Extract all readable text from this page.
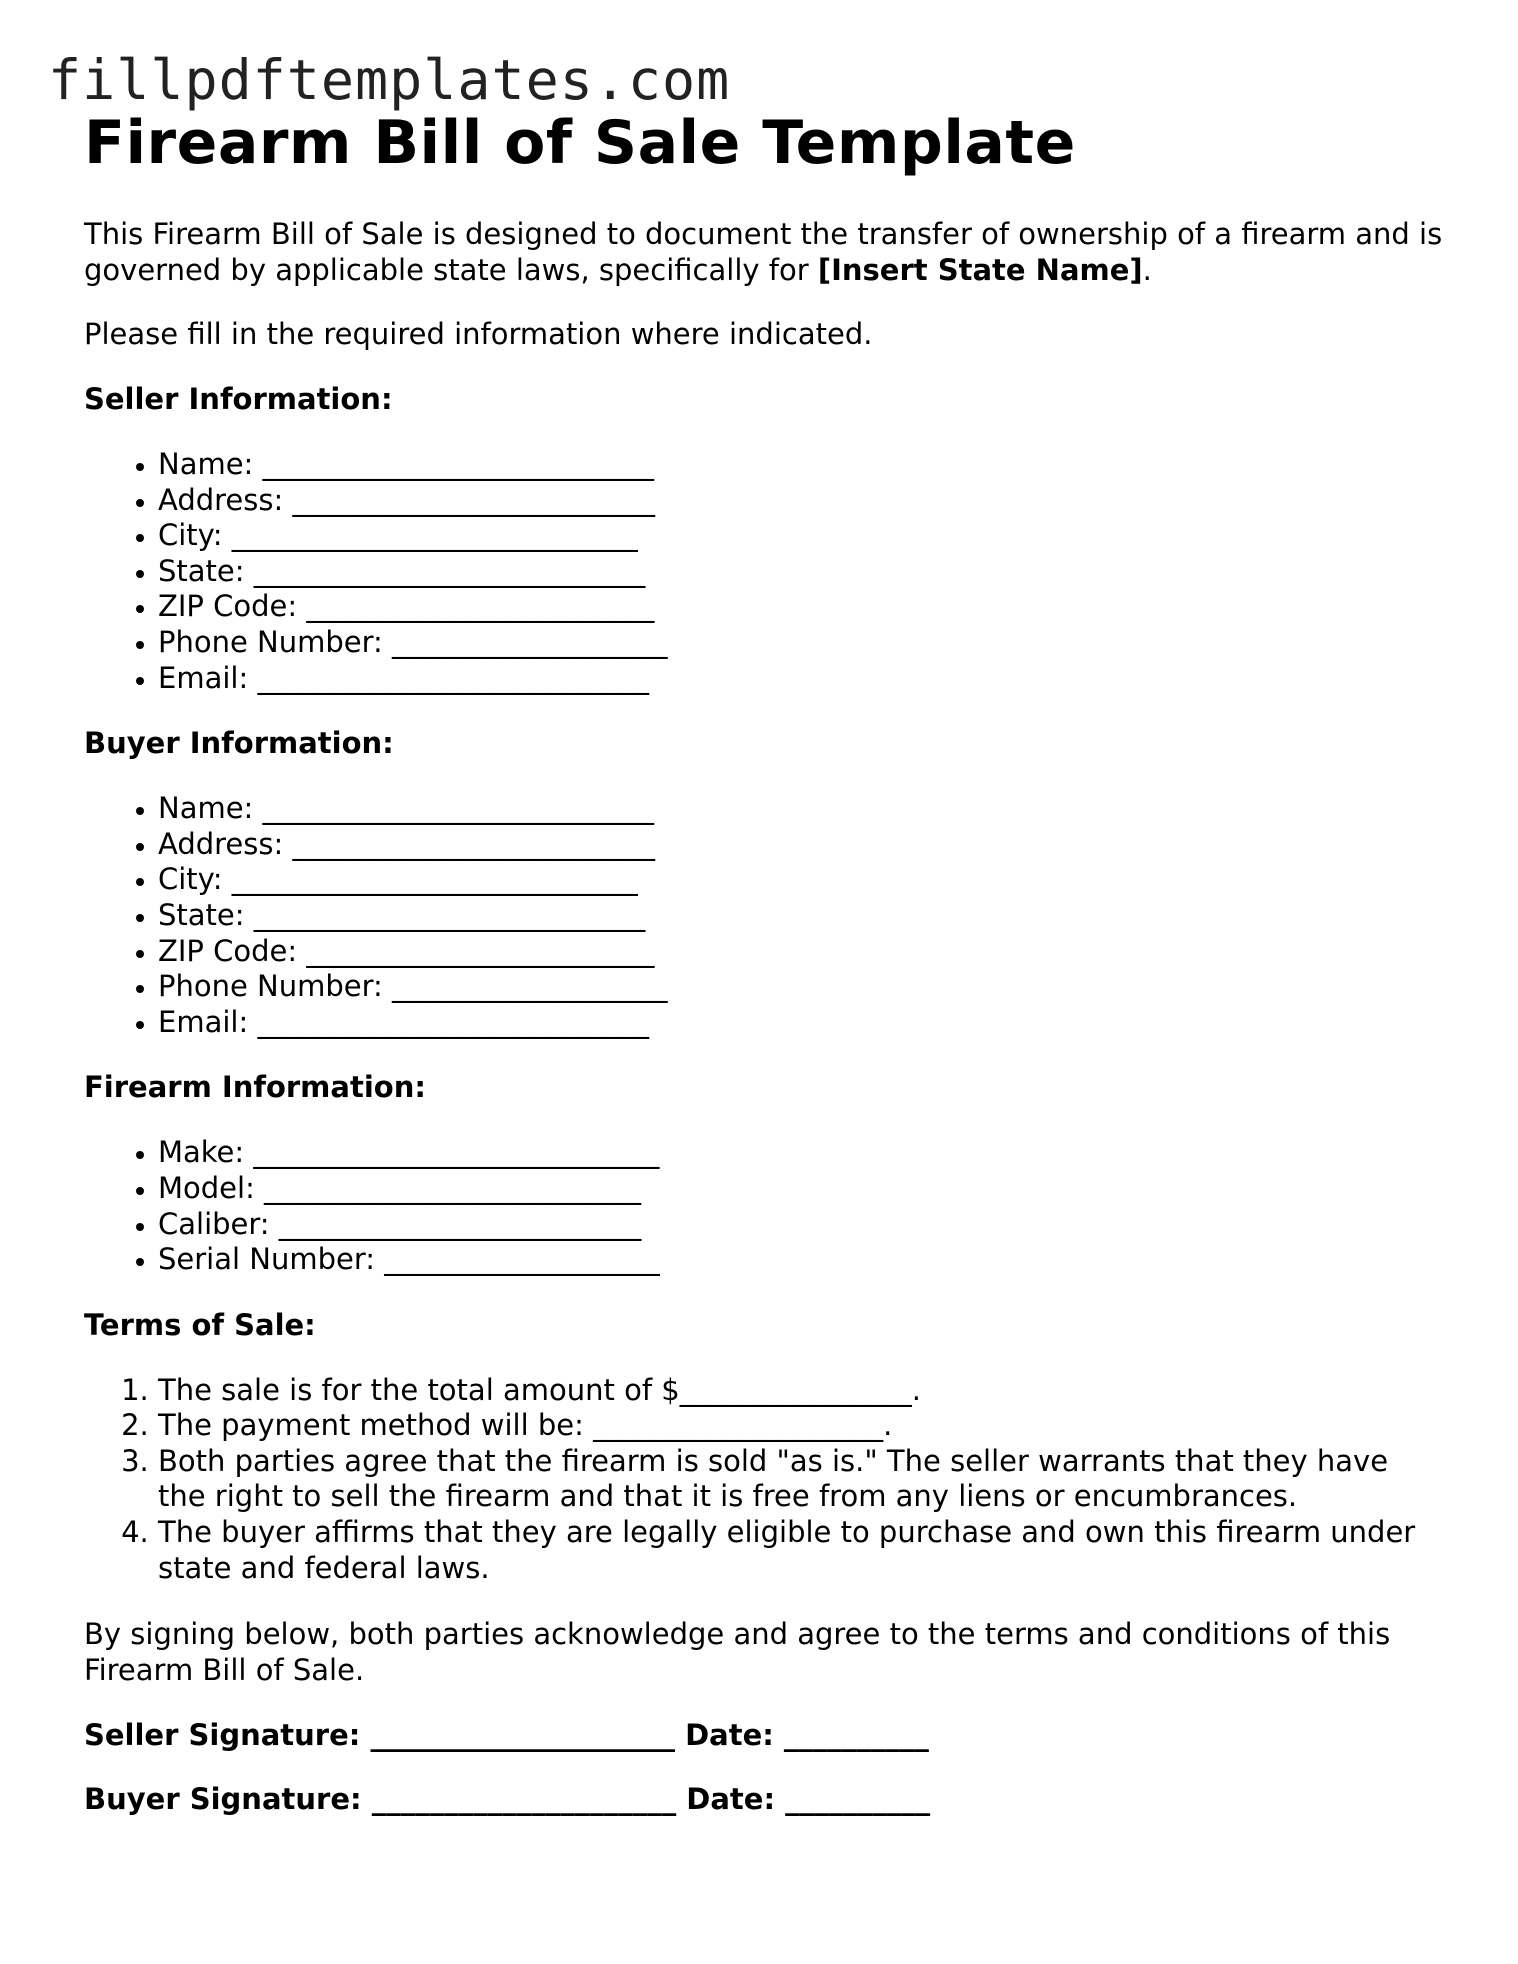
fillpdftemplates.com
Firearm Bill of Sale Template

This Firearm Bill of Sale is designed to document the transfer of ownership of a firearm and is governed by applicable state laws, specifically for [Insert State Name].

Please fill in the required information where indicated.

Seller Information:
• Name: ___________________________
• Address: _________________________
• City: ____________________________
• State: ___________________________
• ZIP Code: ________________________
• Phone Number: ___________________
• Email: ___________________________
Buyer Information:
• Name: ___________________________
• Address: _________________________
• City: ____________________________
• State: ___________________________
• ZIP Code: ________________________
• Phone Number: ___________________
• Email: ___________________________
Firearm Information:
• Make: ____________________________
• Model: __________________________
• Caliber: _________________________
• Serial Number: ___________________
Terms of Sale:
1. The sale is for the total amount of $________________.
2. The payment method will be: ____________________.
3. Both parties agree that the firearm is sold "as is." The seller warrants that they have the right to sell the firearm and that it is free from any liens or encumbrances.
4. The buyer affirms that they are legally eligible to purchase and own this firearm under state and federal laws.

By signing below, both parties acknowledge and agree to the terms and conditions of this Firearm Bill of Sale.

Seller Signature: _____________________ Date: __________

Buyer Signature: _____________________ Date: __________
